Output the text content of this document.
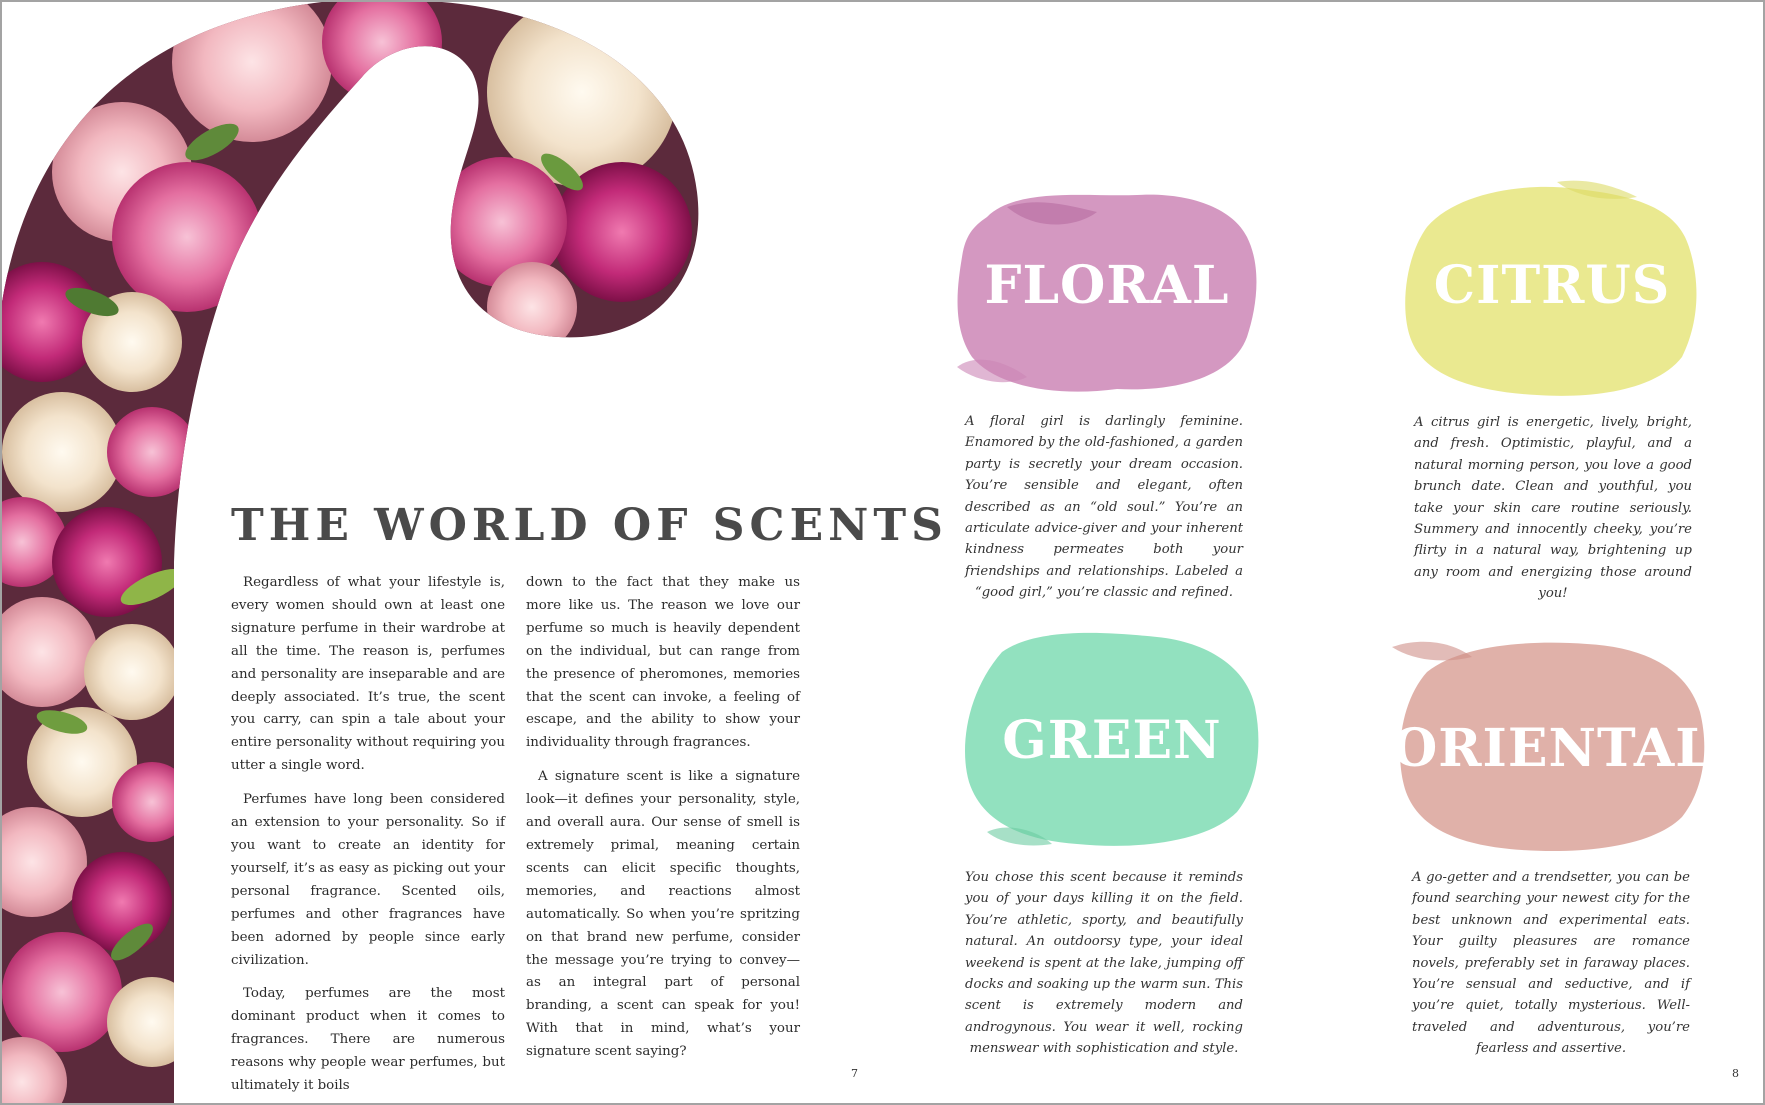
THE WORLD OF SCENTS

Regardless of what your lifestyle is, every women should own at least one signature perfume in their wardrobe at all the time. The reason is, perfumes and personality are inseparable and are deeply associated. It’s true, the scent you carry, can spin a tale about your entire personality without requiring you utter a single word.

Perfumes have long been considered an extension to your personality. So if you want to create an identity for yourself, it’s as easy as picking out your personal fragrance. Scented oils, perfumes and other fragrances have been adorned by people since early civilization.

Today, perfumes are the most dominant product when it comes to fragrances. There are numerous reasons why people wear perfumes, but ultimately it boils

down to the fact that they make us more like us. The reason we love our perfume so much is heavily dependent on the individual, but can range from the presence of pheromones, memories that the scent can invoke, a feeling of escape, and the ability to show your individuality through fragrances.

A signature scent is like a signature look—it defines your personality, style, and overall aura. Our sense of smell is extremely primal, meaning certain scents can elicit specific thoughts, memories, and reactions almost automatically. So when you’re spritzing on that brand new perfume, consider the message you’re trying to convey—as an integral part of personal branding, a scent can speak for you! With that in mind, what’s your signature scent saying?

7	8
FLORAL
A floral girl is darlingly feminine. Enamored by the old-fashioned, a garden party is secretly your dream occasion. You’re sensible and elegant, often described as an “old soul.” You’re an articulate advice-giver and your inherent kindness permeates both your friendships and relationships. Labeled a “good girl,” you’re classic and refined.
CITRUS
A citrus girl is energetic, lively, bright, and fresh. Optimistic, playful, and a natural morning person, you love a good brunch date. Clean and youthful, you take your skin care routine seriously. Summery and innocently cheeky, you’re flirty in a natural way, brightening up any room and energizing those around you!
GREEN
You chose this scent because it reminds you of your days killing it on the field. You’re athletic, sporty, and beautifully natural. An outdoorsy type, your ideal weekend is spent at the lake, jumping off docks and soaking up the warm sun. This scent is extremely modern and androgynous. You wear it well, rocking menswear with sophistication and style.
ORIENTAL
A go-getter and a trendsetter, you can be found searching your newest city for the best unknown and experimental eats. Your guilty pleasures are romance novels, preferably set in faraway places. You’re sensual and seductive, and if you’re quiet, totally mysterious. Well-traveled and adventurous, you’re fearless and assertive.
